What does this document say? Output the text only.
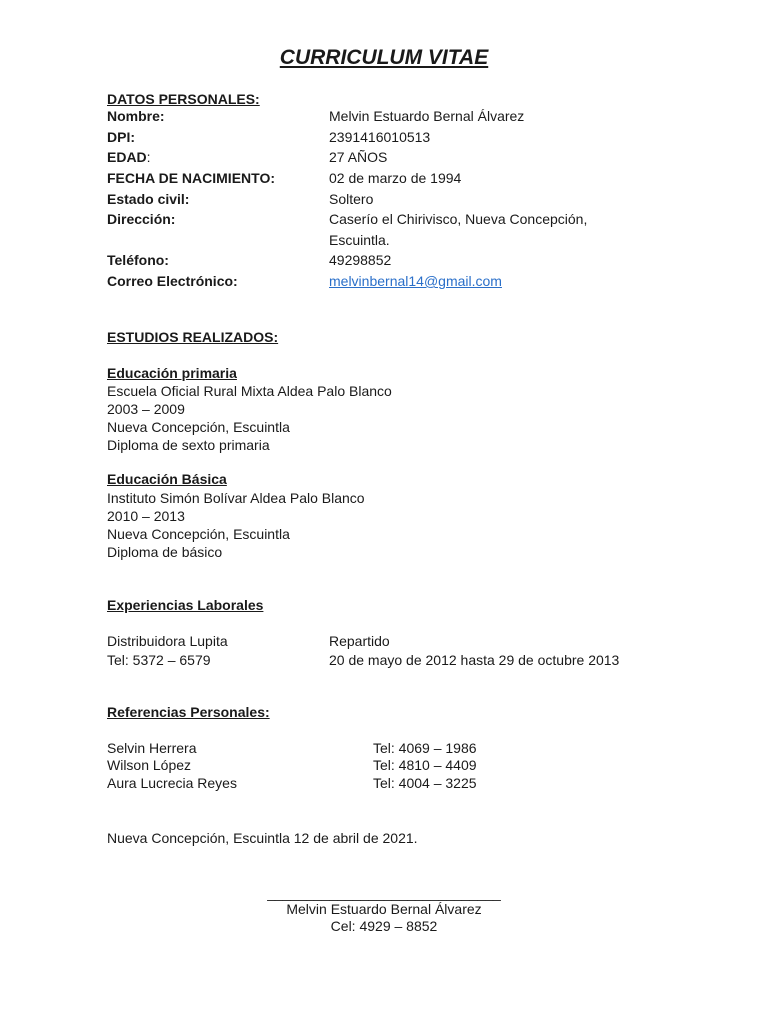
CURRICULUM VITAE
DATOS PERSONALES:
Nombre:	Melvin Estuardo Bernal Álvarez
DPI:	2391416010513
EDAD:	27 AÑOS
FECHA DE NACIMIENTO:	02 de marzo de 1994
Estado civil:	Soltero
Dirección:	Caserío el Chirivisco, Nueva Concepción,
Escuintla.
Teléfono:	49298852
Correo Electrónico:	melvinbernal14@gmail.com
ESTUDIOS REALIZADOS:
Educación primaria
Escuela Oficial Rural Mixta Aldea Palo Blanco
2003 – 2009
Nueva Concepción, Escuintla
Diploma de sexto primaria
Educación Básica
Instituto Simón Bolívar Aldea Palo Blanco
2010 – 2013
Nueva Concepción, Escuintla
Diploma de básico
Experiencias Laborales
Distribuidora Lupita	Repartido
Tel: 5372 – 6579	20 de mayo de 2012 hasta 29 de octubre 2013
Referencias Personales:
Selvin Herrera	Tel: 4069 – 1986
Wilson López	Tel: 4810 – 4409
Aura Lucrecia Reyes	Tel: 4004 – 3225
Nueva Concepción, Escuintla 12 de abril de 2021.
______________________________
Melvin Estuardo Bernal Álvarez
Cel: 4929 – 8852
